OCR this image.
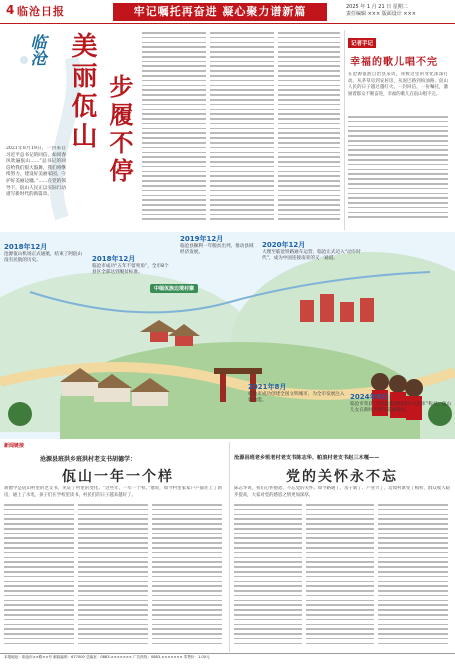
4 临沧日报	牢记嘱托再奋进 凝心聚力谱新篇	2025 年 1 月 21 日 星期二
责任编辑 ××× 版面设计 ×××
临沧 美丽佤山 步履不停
2021年8月19日，一封来自习近平总书记的回信，如同春风吹遍佤山……“总书记的回信给我们很大鼓舞，我们将继续努力，建设好美丽家园，守护好美丽边疆。”……在党的领导下，佤山人民正以实际行动谱写新时代的新篇章。
记者手记
幸福的歌儿唱不完
在沧源佤族自治县采访，我被这里的变化深深打动。从茅草房到安居房，从泥巴路到柏油路，佤山人民的日子越过越红火。一封回信，一份嘱托，激励着群众不断奋进，幸福的歌儿在佤山唱不完。
中缅佤族边境村寨
2018年12月
沧源佤山机场正式通航，结束了阿佤山没有民航的历史。	2018年12月
临沧市成功“五年不留死角”，全市8个县区全部达到脱贫标准。
2019年12月
临沧县顺利一年脱贫出列，推动县域经济发展。
2020年12月
大理至临沧铁路通车运营，临沧正式迈入“动车时代”，成为中国连接南亚的又一通道。
2021年8月
临沧市成功创建全国文明城市，为全市发展注入新动能。	2024年8月
临沧市荣获“全国民族团结进步示范市”称号，佤山儿女在新时代续写美丽篇章。
新闻链接
沧源县班洪乡班洪村老支书胡德学：
佤山一年一个样
胡德学是佤山村里的老支书，见证了村里的变化。“这些年，一年一个样。”他说，如今村里家家户户都住上了新房，通上了水电，孩子们在学校里读书，村民们的日子越来越好了。
沧源县班老乡班老村老支书陈志华、帕浪村老支书赵三木嘎——
党的关怀永不忘
陈志华说，我们心怀感恩，不忘党的关怀。如今路通了、房子新了、产业兴了，边境村寨变了模样，群众收入稳步提高，大家对党的感恩之情更加深厚。
本报地址：临沧市××路××号 邮政编码：677000 总编室：0883-××××××× 广告热线：0883-××××××× 零售价：1.00元
